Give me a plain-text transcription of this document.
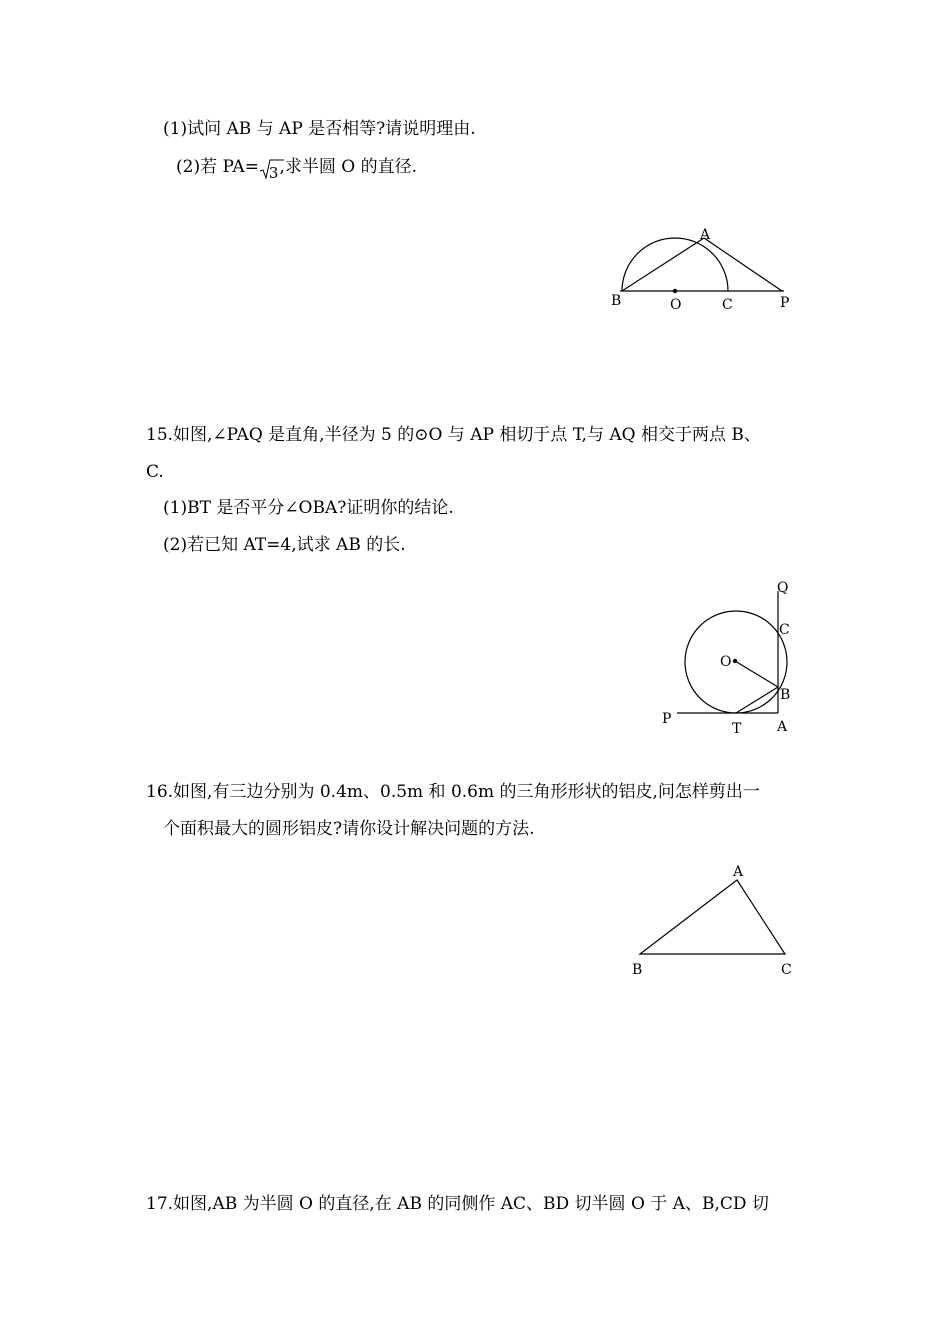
(1)试问 AB 与 AP 是否相等?请说明理由.
(2)若 PA= 3,求半圆 O 的直径.
A
B	O	C	P
15.如图,∠PAQ 是直角,半径为 5 的⊙O 与 AP 相切于点 T,与 AQ 相交于两点 B、
C.
(1)BT 是否平分∠OBA?证明你的结论.
(2)若已知 AT=4,试求 AB 的长.
Q
C
O
B
P
T	A
16.如图,有三边分别为 0.4m、0.5m 和 0.6m 的三角形形状的铝皮,问怎样剪出一
个面积最大的圆形铝皮?请你设计解决问题的方法.
A
B	C
17.如图,AB 为半圆 O 的直径,在 AB 的同侧作 AC、BD 切半圆 O 于 A、B,CD 切
